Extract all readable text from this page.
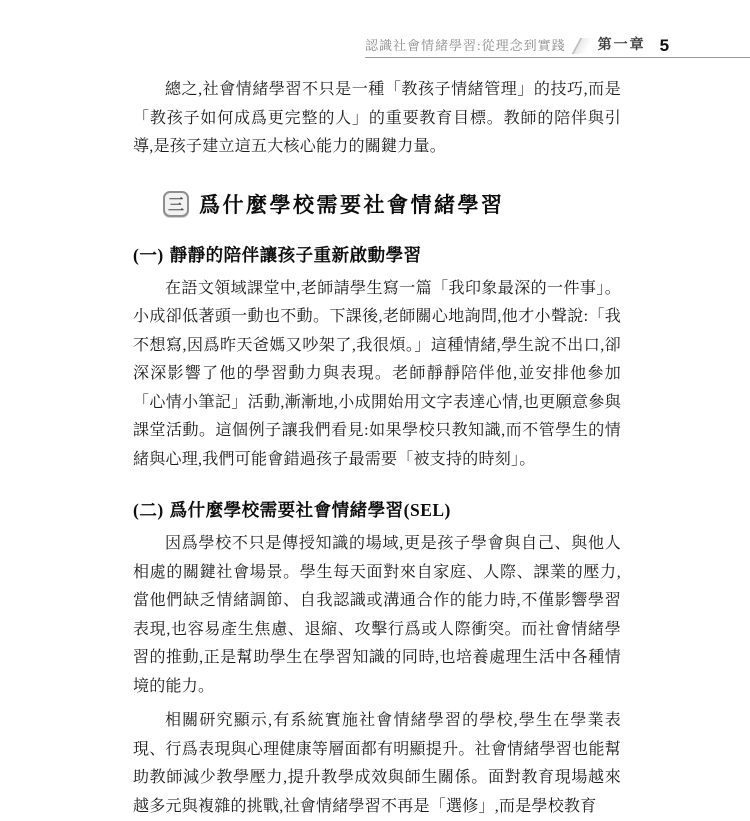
認識社會情緒學習:從理念到實踐 第一章 5

總之,社會情緒學習不只是一種「教孩子情緒管理」的技巧,而是「教孩子如何成爲更完整的人」的重要教育目標。教師的陪伴與引導,是孩子建立這五大核心能力的關鍵力量。

三 爲什麼學校需要社會情緒學習
(一) 靜靜的陪伴讓孩子重新啟動學習

在語文領域課堂中,老師請學生寫一篇「我印象最深的一件事」。小成卻低著頭一動也不動。下課後,老師關心地詢問,他才小聲說:「我不想寫,因爲昨天爸媽又吵架了,我很煩。」這種情緒,學生說不出口,卻深深影響了他的學習動力與表現。老師靜靜陪伴他,並安排他參加「心情小筆記」活動,漸漸地,小成開始用文字表達心情,也更願意參與課堂活動。這個例子讓我們看見:如果學校只教知識,而不管學生的情緒與心理,我們可能會錯過孩子最需要「被支持的時刻」。

(二) 爲什麼學校需要社會情緒學習(SEL)

因爲學校不只是傳授知識的場域,更是孩子學會與自己、與他人相處的關鍵社會場景。學生每天面對來自家庭、人際、課業的壓力,當他們缺乏情緒調節、自我認識或溝通合作的能力時,不僅影響學習表現,也容易產生焦慮、退縮、攻擊行爲或人際衝突。而社會情緒學習的推動,正是幫助學生在學習知識的同時,也培養處理生活中各種情境的能力。

相關研究顯示,有系統實施社會情緒學習的學校,學生在學業表現、行爲表現與心理健康等層面都有明顯提升。社會情緒學習也能幫助教師減少教學壓力,提升教學成效與師生關係。面對教育現場越來越多元與複雜的挑戰,社會情緒學習不再是「選修」,而是學校教育
